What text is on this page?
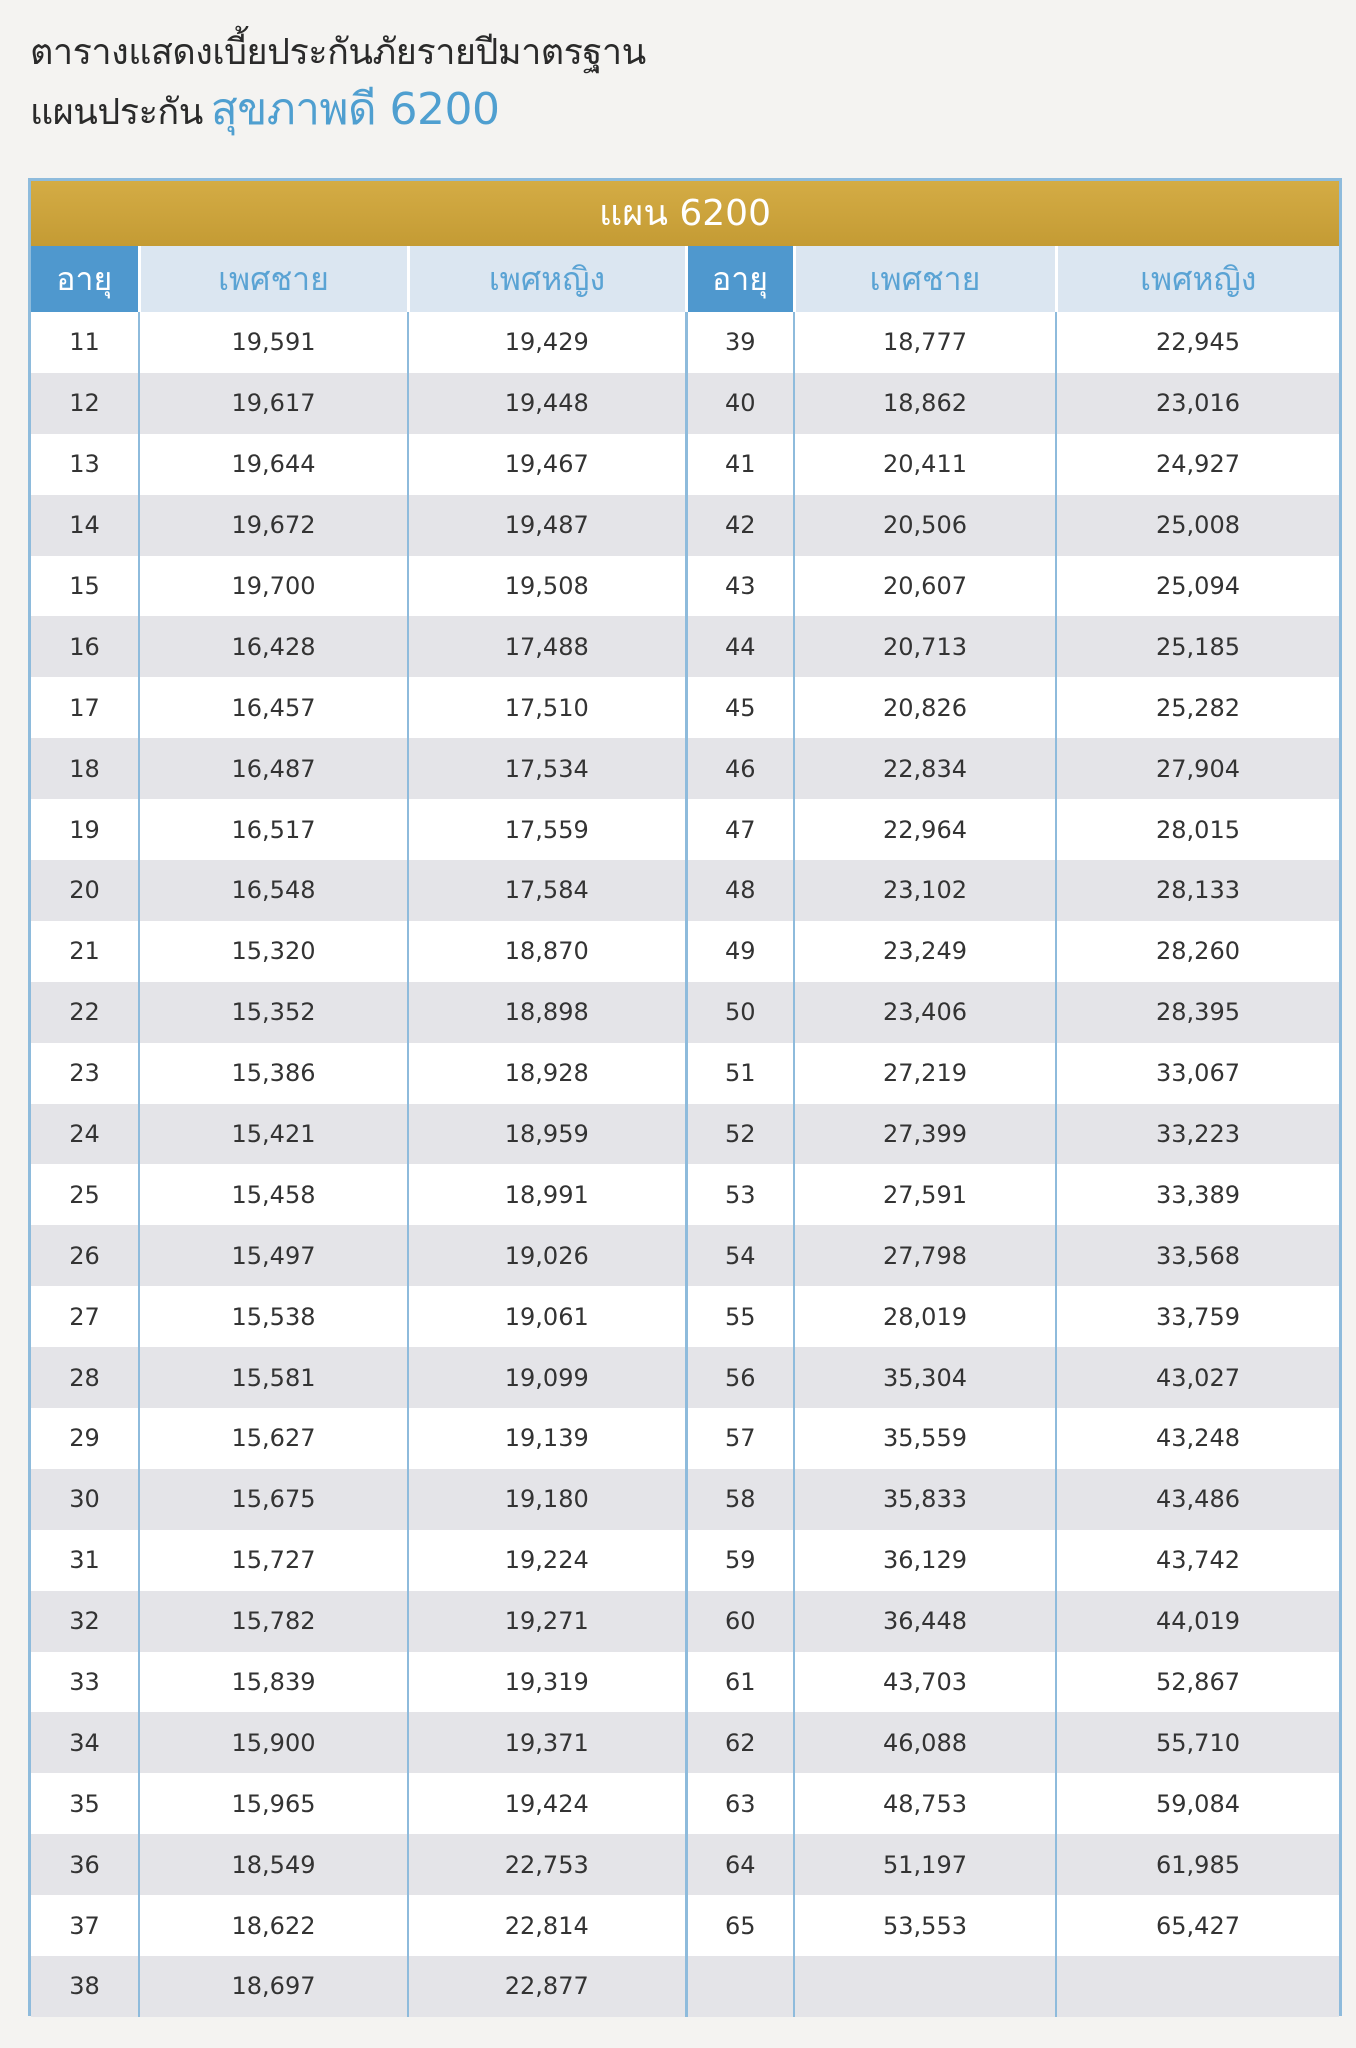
ตารางแสดงเบี้ยประกันภัยรายปีมาตรฐาน
แผนประกัน สุขภาพดี 6200
แผน 6200
อายุ	เพศชาย	เพศหญิง	อายุ	เพศชาย	เพศหญิง
11	19,591	19,429	39	18,777	22,945
12	19,617	19,448	40	18,862	23,016
13	19,644	19,467	41	20,411	24,927
14	19,672	19,487	42	20,506	25,008
15	19,700	19,508	43	20,607	25,094
16	16,428	17,488	44	20,713	25,185
17	16,457	17,510	45	20,826	25,282
18	16,487	17,534	46	22,834	27,904
19	16,517	17,559	47	22,964	28,015
20	16,548	17,584	48	23,102	28,133
21	15,320	18,870	49	23,249	28,260
22	15,352	18,898	50	23,406	28,395
23	15,386	18,928	51	27,219	33,067
24	15,421	18,959	52	27,399	33,223
25	15,458	18,991	53	27,591	33,389
26	15,497	19,026	54	27,798	33,568
27	15,538	19,061	55	28,019	33,759
28	15,581	19,099	56	35,304	43,027
29	15,627	19,139	57	35,559	43,248
30	15,675	19,180	58	35,833	43,486
31	15,727	19,224	59	36,129	43,742
32	15,782	19,271	60	36,448	44,019
33	15,839	19,319	61	43,703	52,867
34	15,900	19,371	62	46,088	55,710
35	15,965	19,424	63	48,753	59,084
36	18,549	22,753	64	51,197	61,985
37	18,622	22,814	65	53,553	65,427
38	18,697	22,877			
